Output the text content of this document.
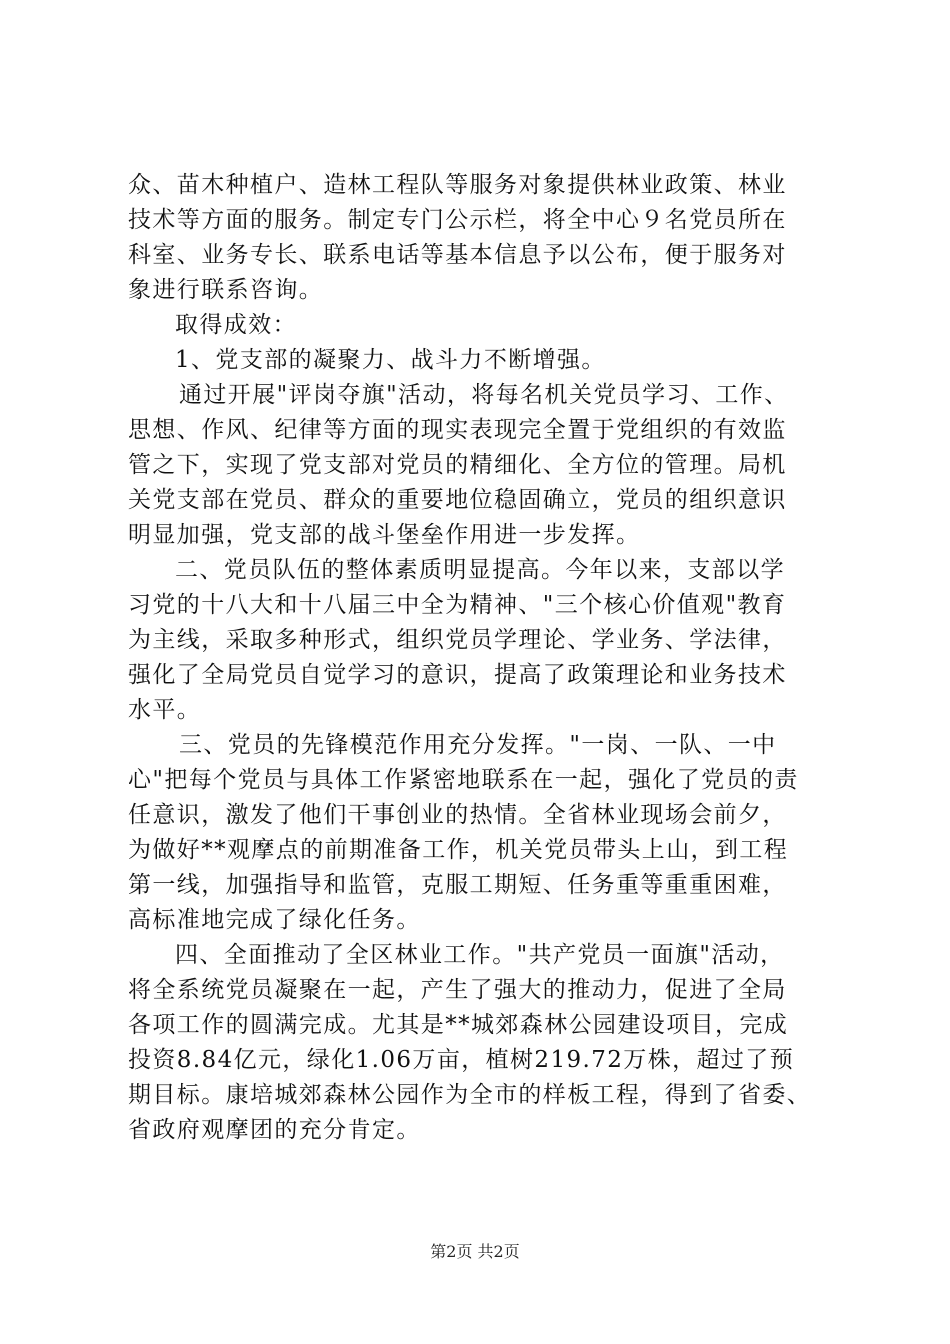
众、苗木种植户、造林工程队等服务对象提供林业政策、林业
技术等方面的服务。制定专门公示栏，将全中心９名党员所在
科室、业务专长、联系电话等基本信息予以公布，便于服务对
象进行联系咨询。
取得成效：
1、党支部的凝聚力、战斗力不断增强。
通过开展"评岗夺旗"活动，将每名机关党员学习、工作、
思想、作风、纪律等方面的现实表现完全置于党组织的有效监
管之下，实现了党支部对党员的精细化、全方位的管理。局机
关党支部在党员、群众的重要地位稳固确立，党员的组织意识
明显加强，党支部的战斗堡垒作用进一步发挥。
二、党员队伍的整体素质明显提高。今年以来，支部以学
习党的十八大和十八届三中全为精神、"三个核心价值观"教育
为主线，采取多种形式，组织党员学理论、学业务、学法律，
强化了全局党员自觉学习的意识，提高了政策理论和业务技术
水平。
三、党员的先锋模范作用充分发挥。"一岗、一队、一中
心"把每个党员与具体工作紧密地联系在一起，强化了党员的责
任意识，激发了他们干事创业的热情。全省林业现场会前夕，
为做好**观摩点的前期准备工作，机关党员带头上山，到工程
第一线，加强指导和监管，克服工期短、任务重等重重困难，
高标准地完成了绿化任务。
四、全面推动了全区林业工作。"共产党员一面旗"活动，
将全系统党员凝聚在一起，产生了强大的推动力，促进了全局
各项工作的圆满完成。尤其是**城郊森林公园建设项目，完成
投资8.84亿元，绿化1.06万亩，植树219.72万株，超过了预
期目标。康培城郊森林公园作为全市的样板工程，得到了省委、
省政府观摩团的充分肯定。
第2页 共2页
